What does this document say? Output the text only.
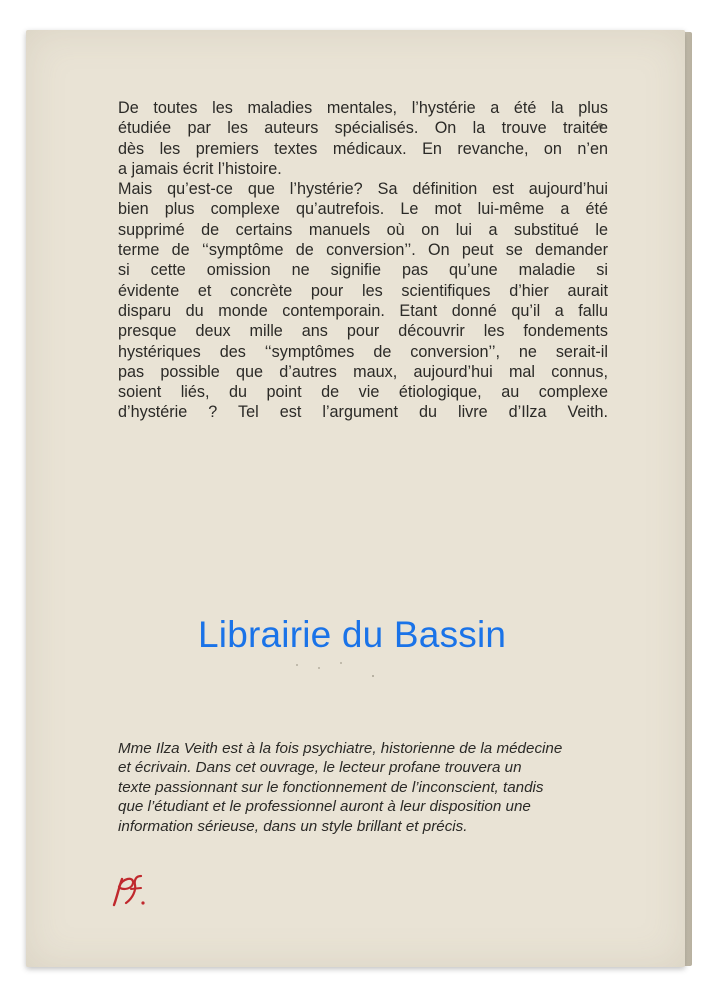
De toutes les maladies mentales, l’hystérie a été la plus
étudiée par les auteurs spécialisés. On la trouve traitée
dès les premiers textes médicaux. En revanche, on n’en
a jamais écrit l’histoire.
Mais qu’est-ce que l’hystérie? Sa définition est aujourd’hui
bien plus complexe qu’autrefois. Le mot lui-même a été
supprimé de certains manuels où on lui a substitué le
terme de ‘‘symptôme de conversion’’. On peut se demander
si cette omission ne signifie pas qu’une maladie si
évidente et concrète pour les scientifiques d’hier aurait
disparu du monde contemporain. Etant donné qu’il a fallu
presque deux mille ans pour découvrir les fondements
hystériques des ‘‘symptômes de conversion’’, ne serait-il
pas possible que d’autres maux, aujourd’hui mal connus,
soient liés, du point de vie étiologique, au complexe
d’hystérie ? Tel est l’argument du livre d’Ilza Veith.

Librairie du Bassin

Mme Ilza Veith est à la fois psychiatre, historienne de la médecine
et écrivain. Dans cet ouvrage, le lecteur profane trouvera un
texte passionnant sur le fonctionnement de l’inconscient, tandis
que l’étudiant et le professionnel auront à leur disposition une
information sérieuse, dans un style brillant et précis.
